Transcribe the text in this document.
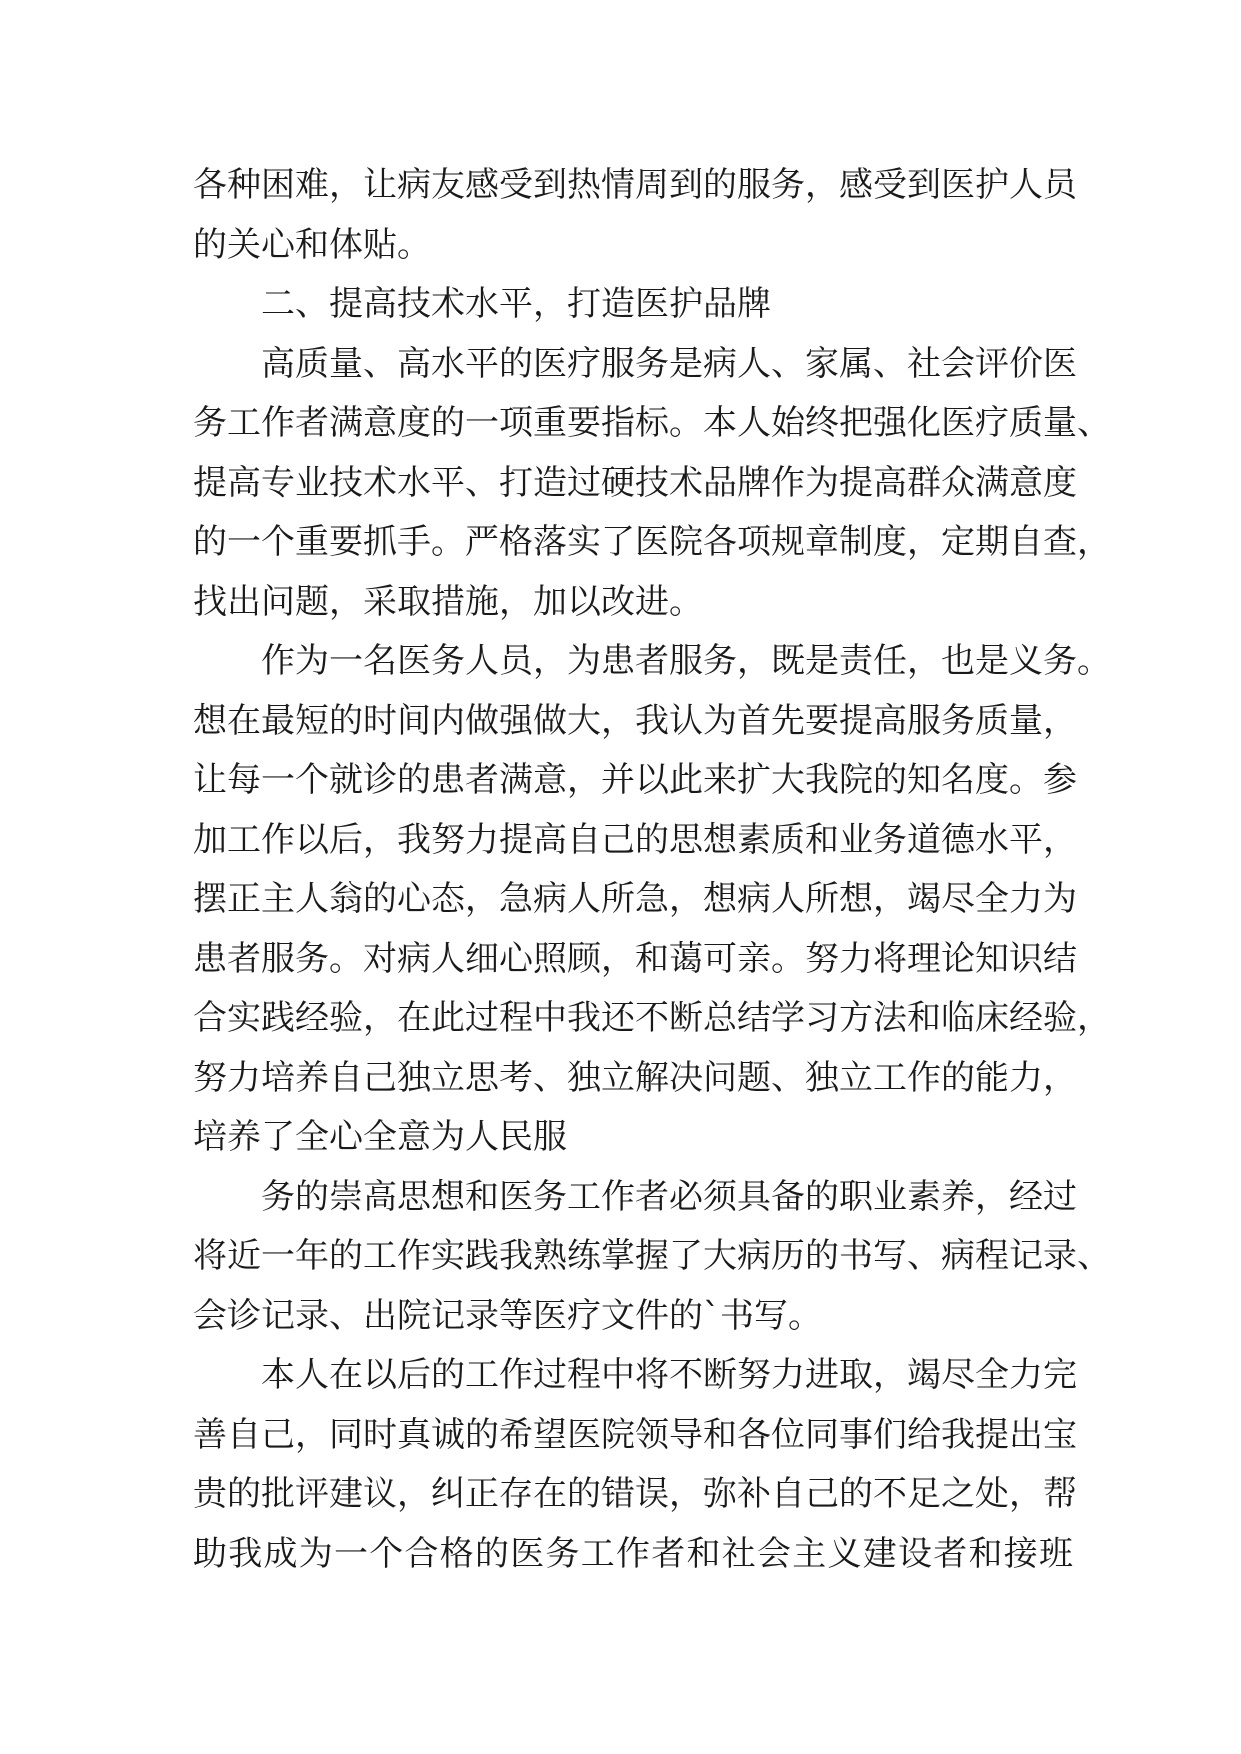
各种困难，让病友感受到热情周到的服务，感受到医护人员
的关心和体贴。
二、提高技术水平，打造医护品牌
高质量、高水平的医疗服务是病人、家属、社会评价医
务工作者满意度的一项重要指标。本人始终把强化医疗质量、
提高专业技术水平、打造过硬技术品牌作为提高群众满意度
的一个重要抓手。严格落实了医院各项规章制度，定期自查，
找出问题，采取措施，加以改进。
作为一名医务人员，为患者服务，既是责任，也是义务。
想在最短的时间内做强做大，我认为首先要提高服务质量，
让每一个就诊的患者满意，并以此来扩大我院的知名度。参
加工作以后，我努力提高自己的思想素质和业务道德水平，
摆正主人翁的心态，急病人所急，想病人所想，竭尽全力为
患者服务。对病人细心照顾，和蔼可亲。努力将理论知识结
合实践经验，在此过程中我还不断总结学习方法和临床经验，
努力培养自己独立思考、独立解决问题、独立工作的能力，
培养了全心全意为人民服
务的崇高思想和医务工作者必须具备的职业素养，经过
将近一年的工作实践我熟练掌握了大病历的书写、病程记录、
会诊记录、出院记录等医疗文件的`书写。
本人在以后的工作过程中将不断努力进取，竭尽全力完
善自己，同时真诚的希望医院领导和各位同事们给我提出宝
贵的批评建议，纠正存在的错误，弥补自己的不足之处，帮
助我成为一个合格的医务工作者和社会主义建设者和接班
